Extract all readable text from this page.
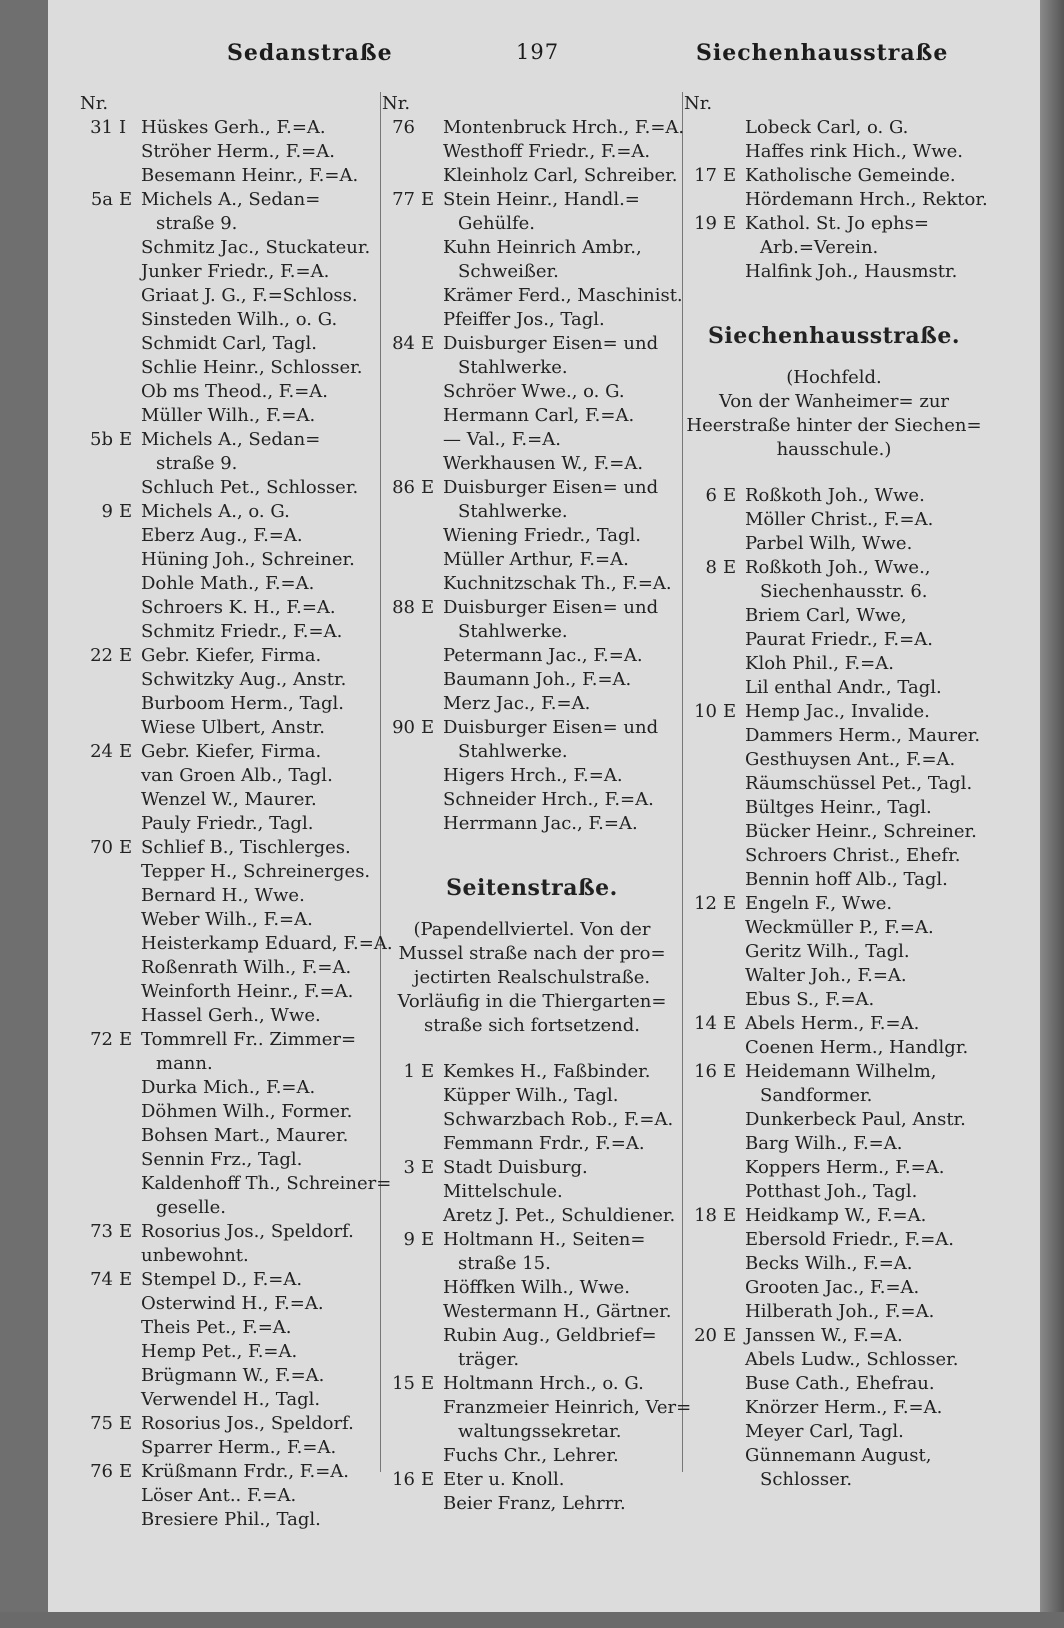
Sedanstraße	197	Siechenhausstraße
Nr.
31 I Hüskes Gerh., F.=A.
Ströher Herm., F.=A.
Besemann Heinr., F.=A.
5a E Michels A., Sedan=
straße 9.
Schmitz Jac., Stuckateur.
Junker Friedr., F.=A.
Griaat J. G., F.=Schloss.
Sinsteden Wilh., o. G.
Schmidt Carl, Tagl.
Schlie Heinr., Schlosser.
Ob ms Theod., F.=A.
Müller Wilh., F.=A.
5b E Michels A., Sedan=
straße 9.
Schluch Pet., Schlosser.
9 E Michels A., o. G.
Eberz Aug., F.=A.
Hüning Joh., Schreiner.
Dohle Math., F.=A.
Schroers K. H., F.=A.
Schmitz Friedr., F.=A.
22 E Gebr. Kiefer, Firma.
Schwitzky Aug., Anstr.
Burboom Herm., Tagl.
Wiese Ulbert, Anstr.
24 E Gebr. Kiefer, Firma.
van Groen Alb., Tagl.
Wenzel W., Maurer.
Pauly Friedr., Tagl.
70 E Schlief B., Tischlerges.
Tepper H., Schreinerges.
Bernard H., Wwe.
Weber Wilh., F.=A.
Heisterkamp Eduard, F.=A.
Roßenrath Wilh., F.=A.
Weinforth Heinr., F.=A.
Hassel Gerh., Wwe.
72 E Tommrell Fr.. Zimmer=
mann.
Durka Mich., F.=A.
Döhmen Wilh., Former.
Bohsen Mart., Maurer.
Sennin Frz., Tagl.
Kaldenhoff Th., Schreiner=
geselle.
73 E Rosorius Jos., Speldorf.
unbewohnt.
74 E Stempel D., F.=A.
Osterwind H., F.=A.
Theis Pet., F.=A.
Hemp Pet., F.=A.
Brügmann W., F.=A.
Verwendel H., Tagl.
75 E Rosorius Jos., Speldorf.
Sparrer Herm., F.=A.
76 E Krüßmann Frdr., F.=A.
Löser Ant.. F.=A.
Bresiere Phil., Tagl.
Nr.
76 Montenbruck Hrch., F.=A.
Westhoff Friedr., F.=A.
Kleinholz Carl, Schreiber.
77 E Stein Heinr., Handl.=
Gehülfe.
Kuhn Heinrich Ambr.,
Schweißer.
Krämer Ferd., Maschinist.
Pfeiffer Jos., Tagl.
84 E Duisburger Eisen= und
Stahlwerke.
Schröer Wwe., o. G.
Hermann Carl, F.=A.
— Val., F.=A.
Werkhausen W., F.=A.
86 E Duisburger Eisen= und
Stahlwerke.
Wiening Friedr., Tagl.
Müller Arthur, F.=A.
Kuchnitzschak Th., F.=A.
88 E Duisburger Eisen= und
Stahlwerke.
Petermann Jac., F.=A.
Baumann Joh., F.=A.
Merz Jac., F.=A.
90 E Duisburger Eisen= und
Stahlwerke.
Higers Hrch., F.=A.
Schneider Hrch., F.=A.
Herrmann Jac., F.=A.
Seitenstraße.
(Papendellviertel. Von der
Mussel straße nach der pro=
jectirten Realschulstraße.
Vorläufig in die Thiergarten=
straße sich fortsetzend.
1 E Kemkes H., Faßbinder.
Küpper Wilh., Tagl.
Schwarzbach Rob., F.=A.
Femmann Frdr., F.=A.
3 E Stadt Duisburg.
Mittelschule.
Aretz J. Pet., Schuldiener.
9 E Holtmann H., Seiten=
straße 15.
Höffken Wilh., Wwe.
Westermann H., Gärtner.
Rubin Aug., Geldbrief=
träger.
15 E Holtmann Hrch., o. G.
Franzmeier Heinrich, Ver=
waltungssekretar.
Fuchs Chr., Lehrer.
16 E Eter u. Knoll.
Beier Franz, Lehrrr.
Nr.
Lobeck Carl, o. G.
Haffes rink Hich., Wwe.
17 E Katholische Gemeinde.
Hördemann Hrch., Rektor.
19 E Kathol. St. Jo ephs=
Arb.=Verein.
Halfink Joh., Hausmstr.
Siechenhausstraße.
(Hochfeld.
Von der Wanheimer= zur
Heerstraße hinter der Siechen=
hausschule.)
6 E Roßkoth Joh., Wwe.
Möller Christ., F.=A.
Parbel Wilh, Wwe.
8 E Roßkoth Joh., Wwe.,
Siechenhausstr. 6.
Briem Carl, Wwe,
Paurat Friedr., F.=A.
Kloh Phil., F.=A.
Lil enthal Andr., Tagl.
10 E Hemp Jac., Invalide.
Dammers Herm., Maurer.
Gesthuysen Ant., F.=A.
Räumschüssel Pet., Tagl.
Bültges Heinr., Tagl.
Bücker Heinr., Schreiner.
Schroers Christ., Ehefr.
Bennin hoff Alb., Tagl.
12 E Engeln F., Wwe.
Weckmüller P., F.=A.
Geritz Wilh., Tagl.
Walter Joh., F.=A.
Ebus S., F.=A.
14 E Abels Herm., F.=A.
Coenen Herm., Handlgr.
16 E Heidemann Wilhelm,
Sandformer.
Dunkerbeck Paul, Anstr.
Barg Wilh., F.=A.
Koppers Herm., F.=A.
Potthast Joh., Tagl.
18 E Heidkamp W., F.=A.
Ebersold Friedr., F.=A.
Becks Wilh., F.=A.
Grooten Jac., F.=A.
Hilberath Joh., F.=A.
20 E Janssen W., F.=A.
Abels Ludw., Schlosser.
Buse Cath., Ehefrau.
Knörzer Herm., F.=A.
Meyer Carl, Tagl.
Günnemann August,
Schlosser.
